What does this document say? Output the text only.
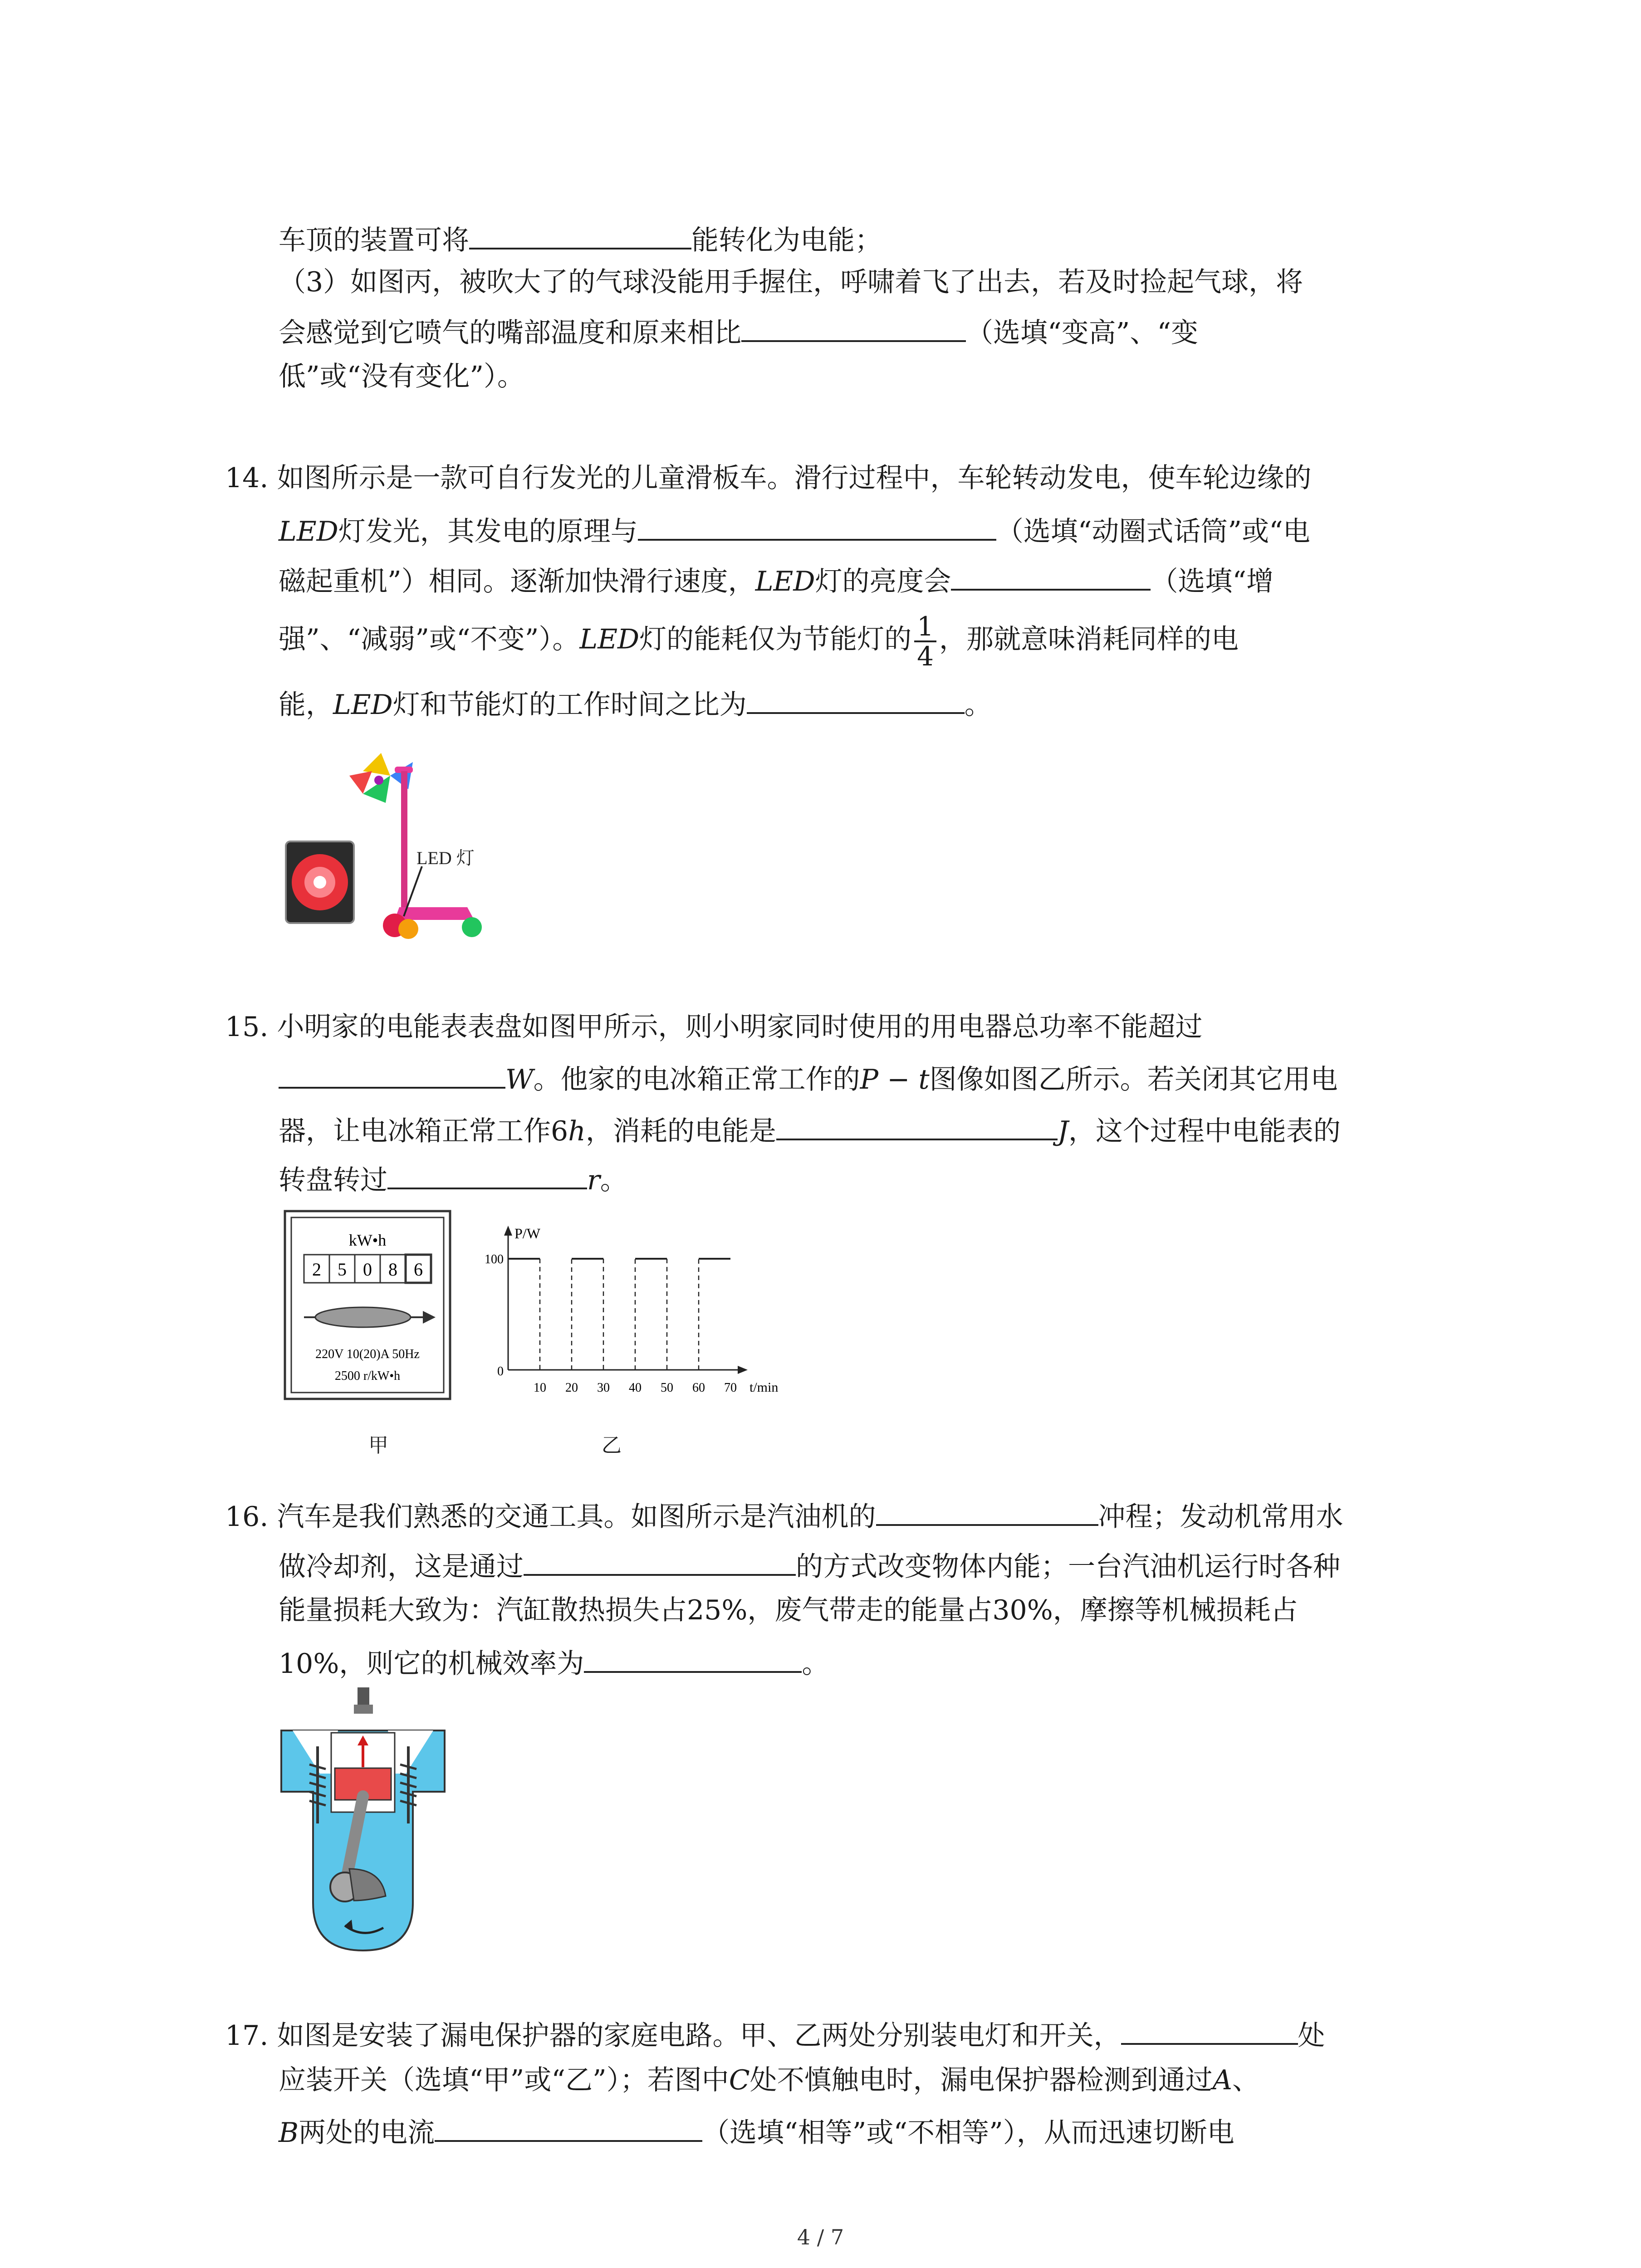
车顶的装置可将	能转化为电能；
（3）如图丙，被吹大了的气球没能用手握住，呼啸着飞了出去，若及时捡起气球，将
会感觉到它喷气的嘴部温度和原来相比	（选填“变高”、“变
低”或“没有变化”）。
14. 如图所示是一款可自行发光的儿童滑板车。滑行过程中，车轮转动发电，使车轮边缘的
LED灯发光，其发电的原理与	（选填“动圈式话筒”或“电
磁起重机”）相同。逐渐加快滑行速度，LED灯的亮度会	（选填“增
强”、“减弱”或“不变”）。LED灯的能耗仅为节能灯的 $\frac{1}{4}$ ，那就意味消耗同样的电
能，LED灯和节能灯的工作时间之比为	。
LED 灯
15. 小明家的电能表表盘如图甲所示，则小明家同时使用的用电器总功率不能超过
W。他家的电冰箱正常工作的P − t图像如图乙所示。若关闭其它用电
器，让电冰箱正常工作6h，消耗的电能是	J，这个过程中电能表的
转盘转过	r。
kW•h
2 5 0 8 6
220V 10(20)A 50Hz
2500 r/kW•h
甲
P/W
100
0
t/min
10 20 30 40 50 60 70
乙
16. 汽车是我们熟悉的交通工具。如图所示是汽油机的	冲程；发动机常用水
做冷却剂，这是通过	的方式改变物体内能；一台汽油机运行时各种
能量损耗大致为：汽缸散热损失占25%，废气带走的能量占30%，摩擦等机械损耗占
10%，则它的机械效率为	。
17. 如图是安装了漏电保护器的家庭电路。甲、乙两处分别装电灯和开关，	处
应装开关（选填“甲”或“乙”）；若图中C处不慎触电时，漏电保护器检测到通过A、
B两处的电流	（选填“相等”或“不相等”），从而迅速切断电
4 / 7
